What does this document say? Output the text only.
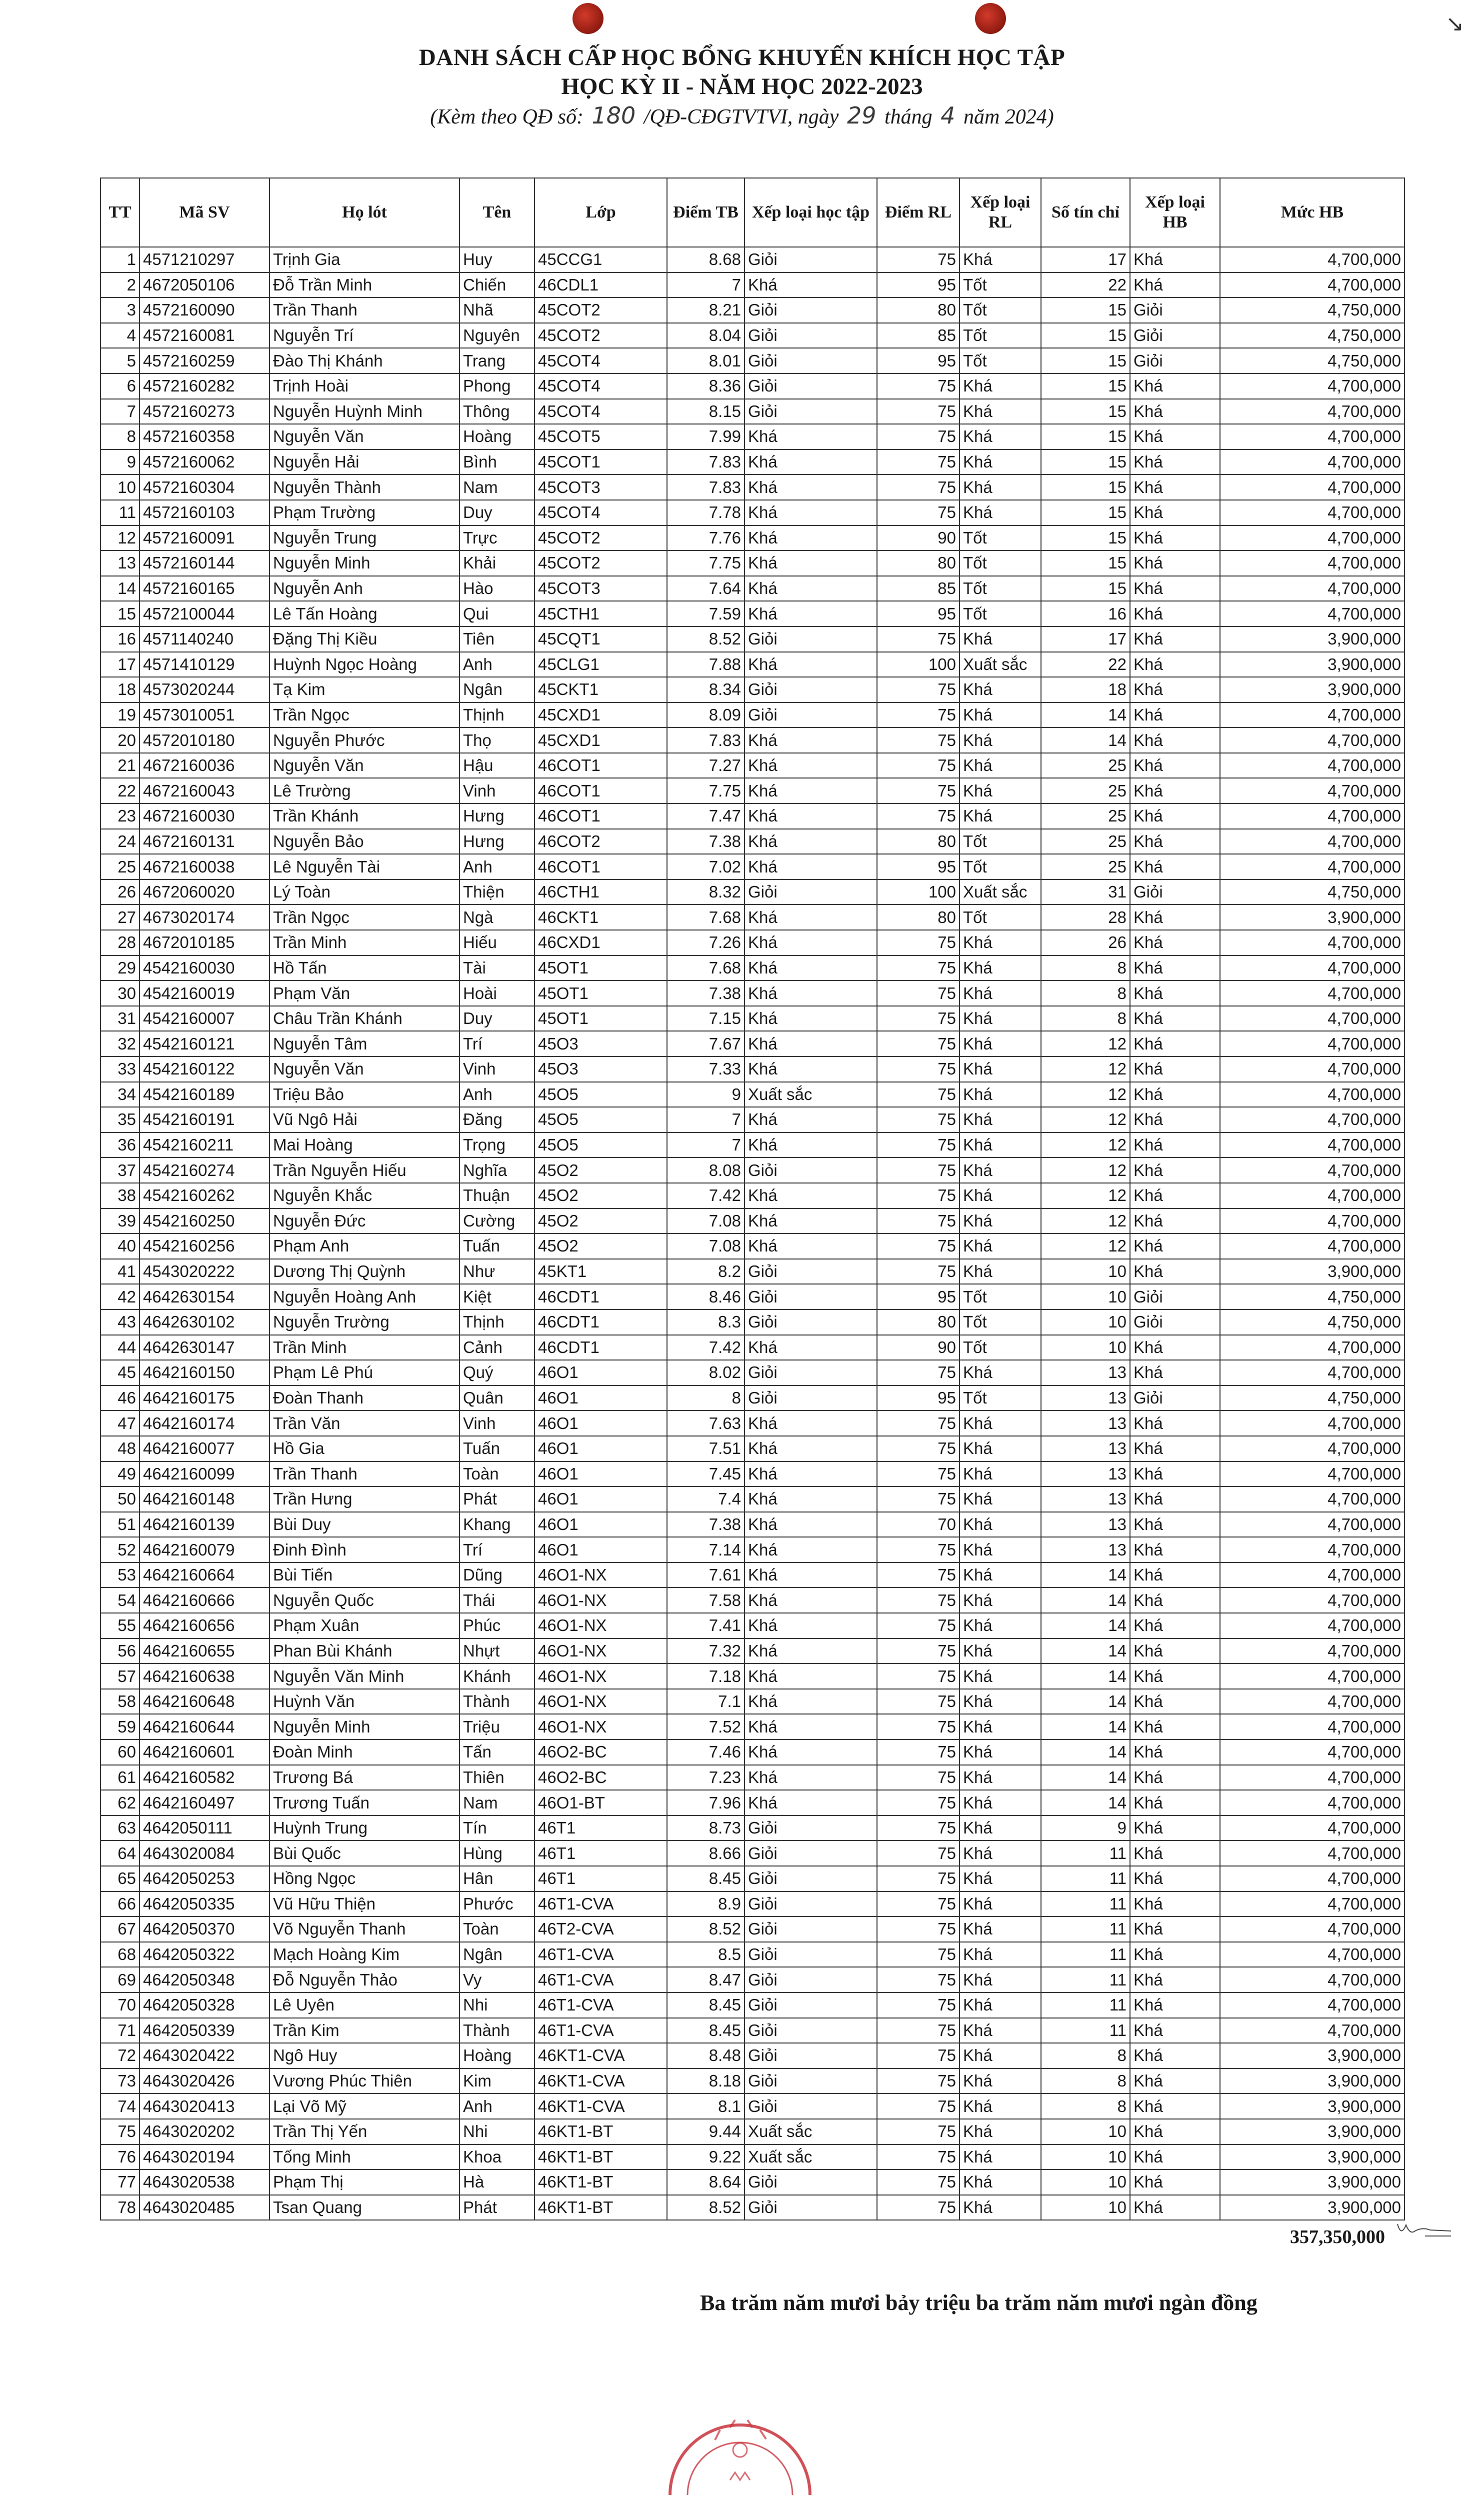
↘
DANH SÁCH CẤP HỌC BỔNG KHUYẾN KHÍCH HỌC TẬP
HỌC KỲ II - NĂM HỌC 2022-2023
(Kèm theo QĐ số: 180 /QĐ-CĐGTVTVI, ngày 29 tháng 4 năm 2024)
TT	Mã SV	Họ lót	Tên	Lớp	Điểm TB	Xếp loại học tập	Điểm RL	Xếp loại RL	Số tín chỉ	Xếp loại HB	Mức HB
1	4571210297	Trịnh Gia	Huy	45CCG1	8.68	Giỏi	75	Khá	17	Khá	4,700,000
2	4672050106	Đỗ Trần Minh	Chiến	46CDL1	7	Khá	95	Tốt	22	Khá	4,700,000
3	4572160090	Trần Thanh	Nhã	45COT2	8.21	Giỏi	80	Tốt	15	Giỏi	4,750,000
4	4572160081	Nguyễn Trí	Nguyên	45COT2	8.04	Giỏi	85	Tốt	15	Giỏi	4,750,000
5	4572160259	Đào Thị Khánh	Trang	45COT4	8.01	Giỏi	95	Tốt	15	Giỏi	4,750,000
6	4572160282	Trịnh Hoài	Phong	45COT4	8.36	Giỏi	75	Khá	15	Khá	4,700,000
7	4572160273	Nguyễn Huỳnh Minh	Thông	45COT4	8.15	Giỏi	75	Khá	15	Khá	4,700,000
8	4572160358	Nguyễn Văn	Hoàng	45COT5	7.99	Khá	75	Khá	15	Khá	4,700,000
9	4572160062	Nguyễn Hải	Bình	45COT1	7.83	Khá	75	Khá	15	Khá	4,700,000
10	4572160304	Nguyễn Thành	Nam	45COT3	7.83	Khá	75	Khá	15	Khá	4,700,000
11	4572160103	Phạm Trường	Duy	45COT4	7.78	Khá	75	Khá	15	Khá	4,700,000
12	4572160091	Nguyễn Trung	Trực	45COT2	7.76	Khá	90	Tốt	15	Khá	4,700,000
13	4572160144	Nguyễn Minh	Khải	45COT2	7.75	Khá	80	Tốt	15	Khá	4,700,000
14	4572160165	Nguyễn Anh	Hào	45COT3	7.64	Khá	85	Tốt	15	Khá	4,700,000
15	4572100044	Lê Tấn Hoàng	Qui	45CTH1	7.59	Khá	95	Tốt	16	Khá	4,700,000
16	4571140240	Đặng Thị Kiều	Tiên	45CQT1	8.52	Giỏi	75	Khá	17	Khá	3,900,000
17	4571410129	Huỳnh Ngọc Hoàng	Anh	45CLG1	7.88	Khá	100	Xuất sắc	22	Khá	3,900,000
18	4573020244	Tạ Kim	Ngân	45CKT1	8.34	Giỏi	75	Khá	18	Khá	3,900,000
19	4573010051	Trần Ngọc	Thịnh	45CXD1	8.09	Giỏi	75	Khá	14	Khá	4,700,000
20	4572010180	Nguyễn Phước	Thọ	45CXD1	7.83	Khá	75	Khá	14	Khá	4,700,000
21	4672160036	Nguyễn Văn	Hậu	46COT1	7.27	Khá	75	Khá	25	Khá	4,700,000
22	4672160043	Lê Trường	Vinh	46COT1	7.75	Khá	75	Khá	25	Khá	4,700,000
23	4672160030	Trần Khánh	Hưng	46COT1	7.47	Khá	75	Khá	25	Khá	4,700,000
24	4672160131	Nguyễn Bảo	Hưng	46COT2	7.38	Khá	80	Tốt	25	Khá	4,700,000
25	4672160038	Lê Nguyễn Tài	Anh	46COT1	7.02	Khá	95	Tốt	25	Khá	4,700,000
26	4672060020	Lý Toàn	Thiện	46CTH1	8.32	Giỏi	100	Xuất sắc	31	Giỏi	4,750,000
27	4673020174	Trần Ngọc	Ngà	46CKT1	7.68	Khá	80	Tốt	28	Khá	3,900,000
28	4672010185	Trần Minh	Hiếu	46CXD1	7.26	Khá	75	Khá	26	Khá	4,700,000
29	4542160030	Hồ Tấn	Tài	45OT1	7.68	Khá	75	Khá	8	Khá	4,700,000
30	4542160019	Phạm Văn	Hoài	45OT1	7.38	Khá	75	Khá	8	Khá	4,700,000
31	4542160007	Châu Trần Khánh	Duy	45OT1	7.15	Khá	75	Khá	8	Khá	4,700,000
32	4542160121	Nguyễn Tâm	Trí	45O3	7.67	Khá	75	Khá	12	Khá	4,700,000
33	4542160122	Nguyễn Văn	Vinh	45O3	7.33	Khá	75	Khá	12	Khá	4,700,000
34	4542160189	Triệu Bảo	Anh	45O5	9	Xuất sắc	75	Khá	12	Khá	4,700,000
35	4542160191	Vũ Ngô Hải	Đăng	45O5	7	Khá	75	Khá	12	Khá	4,700,000
36	4542160211	Mai Hoàng	Trọng	45O5	7	Khá	75	Khá	12	Khá	4,700,000
37	4542160274	Trần Nguyễn Hiếu	Nghĩa	45O2	8.08	Giỏi	75	Khá	12	Khá	4,700,000
38	4542160262	Nguyễn Khắc	Thuận	45O2	7.42	Khá	75	Khá	12	Khá	4,700,000
39	4542160250	Nguyễn Đức	Cường	45O2	7.08	Khá	75	Khá	12	Khá	4,700,000
40	4542160256	Phạm Anh	Tuấn	45O2	7.08	Khá	75	Khá	12	Khá	4,700,000
41	4543020222	Dương Thị Quỳnh	Như	45KT1	8.2	Giỏi	75	Khá	10	Khá	3,900,000
42	4642630154	Nguyễn Hoàng Anh	Kiệt	46CDT1	8.46	Giỏi	95	Tốt	10	Giỏi	4,750,000
43	4642630102	Nguyễn Trường	Thịnh	46CDT1	8.3	Giỏi	80	Tốt	10	Giỏi	4,750,000
44	4642630147	Trần Minh	Cảnh	46CDT1	7.42	Khá	90	Tốt	10	Khá	4,700,000
45	4642160150	Phạm Lê Phú	Quý	46O1	8.02	Giỏi	75	Khá	13	Khá	4,700,000
46	4642160175	Đoàn Thanh	Quân	46O1	8	Giỏi	95	Tốt	13	Giỏi	4,750,000
47	4642160174	Trần Văn	Vinh	46O1	7.63	Khá	75	Khá	13	Khá	4,700,000
48	4642160077	Hồ Gia	Tuấn	46O1	7.51	Khá	75	Khá	13	Khá	4,700,000
49	4642160099	Trần Thanh	Toàn	46O1	7.45	Khá	75	Khá	13	Khá	4,700,000
50	4642160148	Trần Hưng	Phát	46O1	7.4	Khá	75	Khá	13	Khá	4,700,000
51	4642160139	Bùi Duy	Khang	46O1	7.38	Khá	70	Khá	13	Khá	4,700,000
52	4642160079	Đinh Đình	Trí	46O1	7.14	Khá	75	Khá	13	Khá	4,700,000
53	4642160664	Bùi Tiến	Dũng	46O1-NX	7.61	Khá	75	Khá	14	Khá	4,700,000
54	4642160666	Nguyễn Quốc	Thái	46O1-NX	7.58	Khá	75	Khá	14	Khá	4,700,000
55	4642160656	Phạm Xuân	Phúc	46O1-NX	7.41	Khá	75	Khá	14	Khá	4,700,000
56	4642160655	Phan Bùi Khánh	Nhựt	46O1-NX	7.32	Khá	75	Khá	14	Khá	4,700,000
57	4642160638	Nguyễn Văn Minh	Khánh	46O1-NX	7.18	Khá	75	Khá	14	Khá	4,700,000
58	4642160648	Huỳnh Văn	Thành	46O1-NX	7.1	Khá	75	Khá	14	Khá	4,700,000
59	4642160644	Nguyễn Minh	Triệu	46O1-NX	7.52	Khá	75	Khá	14	Khá	4,700,000
60	4642160601	Đoàn Minh	Tấn	46O2-BC	7.46	Khá	75	Khá	14	Khá	4,700,000
61	4642160582	Trương Bá	Thiên	46O2-BC	7.23	Khá	75	Khá	14	Khá	4,700,000
62	4642160497	Trương Tuấn	Nam	46O1-BT	7.96	Khá	75	Khá	14	Khá	4,700,000
63	4642050111	Huỳnh Trung	Tín	46T1	8.73	Giỏi	75	Khá	9	Khá	4,700,000
64	4643020084	Bùi Quốc	Hùng	46T1	8.66	Giỏi	75	Khá	11	Khá	4,700,000
65	4642050253	Hồng Ngọc	Hân	46T1	8.45	Giỏi	75	Khá	11	Khá	4,700,000
66	4642050335	Vũ Hữu Thiện	Phước	46T1-CVA	8.9	Giỏi	75	Khá	11	Khá	4,700,000
67	4642050370	Võ Nguyễn Thanh	Toàn	46T2-CVA	8.52	Giỏi	75	Khá	11	Khá	4,700,000
68	4642050322	Mạch Hoàng Kim	Ngân	46T1-CVA	8.5	Giỏi	75	Khá	11	Khá	4,700,000
69	4642050348	Đỗ Nguyễn Thảo	Vy	46T1-CVA	8.47	Giỏi	75	Khá	11	Khá	4,700,000
70	4642050328	Lê Uyên	Nhi	46T1-CVA	8.45	Giỏi	75	Khá	11	Khá	4,700,000
71	4642050339	Trần Kim	Thành	46T1-CVA	8.45	Giỏi	75	Khá	11	Khá	4,700,000
72	4643020422	Ngô Huy	Hoàng	46KT1-CVA	8.48	Giỏi	75	Khá	8	Khá	3,900,000
73	4643020426	Vương Phúc Thiên	Kim	46KT1-CVA	8.18	Giỏi	75	Khá	8	Khá	3,900,000
74	4643020413	Lại Võ Mỹ	Anh	46KT1-CVA	8.1	Giỏi	75	Khá	8	Khá	3,900,000
75	4643020202	Trần Thị Yến	Nhi	46KT1-BT	9.44	Xuất sắc	75	Khá	10	Khá	3,900,000
76	4643020194	Tống Minh	Khoa	46KT1-BT	9.22	Xuất sắc	75	Khá	10	Khá	3,900,000
77	4643020538	Phạm Thị	Hà	46KT1-BT	8.64	Giỏi	75	Khá	10	Khá	3,900,000
78	4643020485	Tsan Quang	Phát	46KT1-BT	8.52	Giỏi	75	Khá	10	Khá	3,900,000
357,350,000
Ba trăm năm mươi bảy triệu ba trăm năm mươi ngàn đồng
